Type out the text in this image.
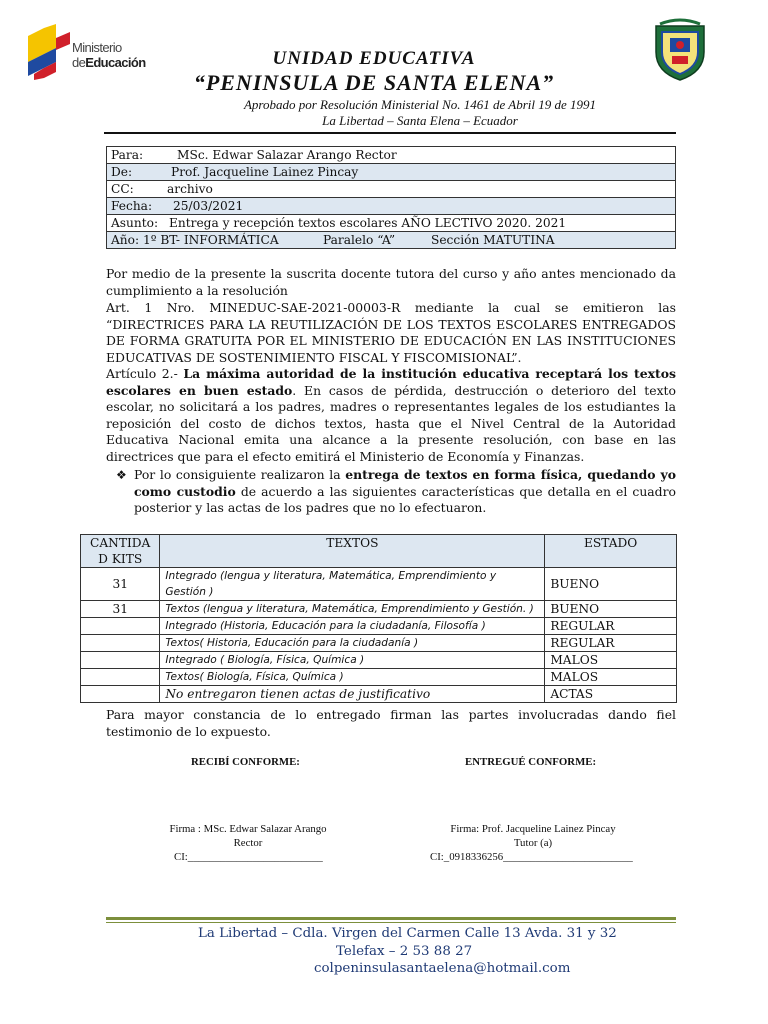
Ministerio
deEducación	UNIDAD EDUCATIVA
“PENINSULA DE SANTA ELENA”
Aprobado por Resolución Ministerial No. 1461 de Abril 19 de 1991
La Libertad – Santa Elena – Ecuador
Para:	MSc. Edwar Salazar Arango Rector
De:	Prof. Jacqueline Lainez Pincay
CC:	archivo
Fecha: 25/03/2021
Asunto: Entrega y recepción textos escolares AÑO LECTIVO 2020. 2021
Año: 1º BT- INFORMÁTICA	Paralelo “A”	Sección MATUTINA
Por medio de la presente la suscrita docente tutora del curso y año antes mencionado da cumplimiento a la resolución
Art. 1 Nro. MINEDUC-SAE-2021-00003-R mediante la cual se emitieron las “DIRECTRICES PARA LA REUTILIZACIÓN DE LOS TEXTOS ESCOLARES ENTREGADOS DE FORMA GRATUITA POR EL MINISTERIO DE EDUCACIÓN EN LAS INSTITUCIONES EDUCATIVAS DE SOSTENIMIENTO FISCAL Y FISCOMISIONAL”.
Artículo 2.- La máxima autoridad de la institución educativa receptará los textos escolares en buen estado. En casos de pérdida, destrucción o deterioro del texto escolar, no solicitará a los padres, madres o representantes legales de los estudiantes la reposición del costo de dichos textos, hasta que el Nivel Central de la Autoridad Educativa Nacional emita una alcance a la presente resolución, con base en las directrices que para el efecto emitirá el Ministerio de Economía y Finanzas.
❖ Por lo consiguiente realizaron la entrega de textos en forma física, quedando yo como custodio de acuerdo a las siguientes características que detalla en el cuadro posterior y las actas de los padres que no lo efectuaron.
CANTIDA D KITS	TEXTOS	ESTADO
31	Integrado (lengua y literatura, Matemática, Emprendimiento y Gestión )	BUENO
31	Textos (lengua y literatura, Matemática, Emprendimiento y Gestión. )	BUENO
	Integrado (Historia, Educación para la ciudadanía, Filosofía )	REGULAR
	Textos( Historia, Educación para la ciudadanía )	REGULAR
	Integrado ( Biología, Física, Química )	MALOS
	Textos( Biología, Física, Química )	MALOS
	No entregaron tienen actas de justificativo	ACTAS
Para mayor constancia de lo entregado firman las partes involucradas dando fiel testimonio de lo expuesto.
RECIBÍ CONFORME:	ENTREGUÉ CONFORME:
Firma : MSc. Edwar Salazar Arango
Rector
CI:_________________________
Firma: Prof. Jacqueline Lainez Pincay
Tutor (a)
CI:_0918336256________________________
La Libertad – Cdla. Virgen del Carmen Calle 13 Avda. 31 y 32
Telefax – 2 53 88 27
colpeninsulasantaelena@hotmail.com
